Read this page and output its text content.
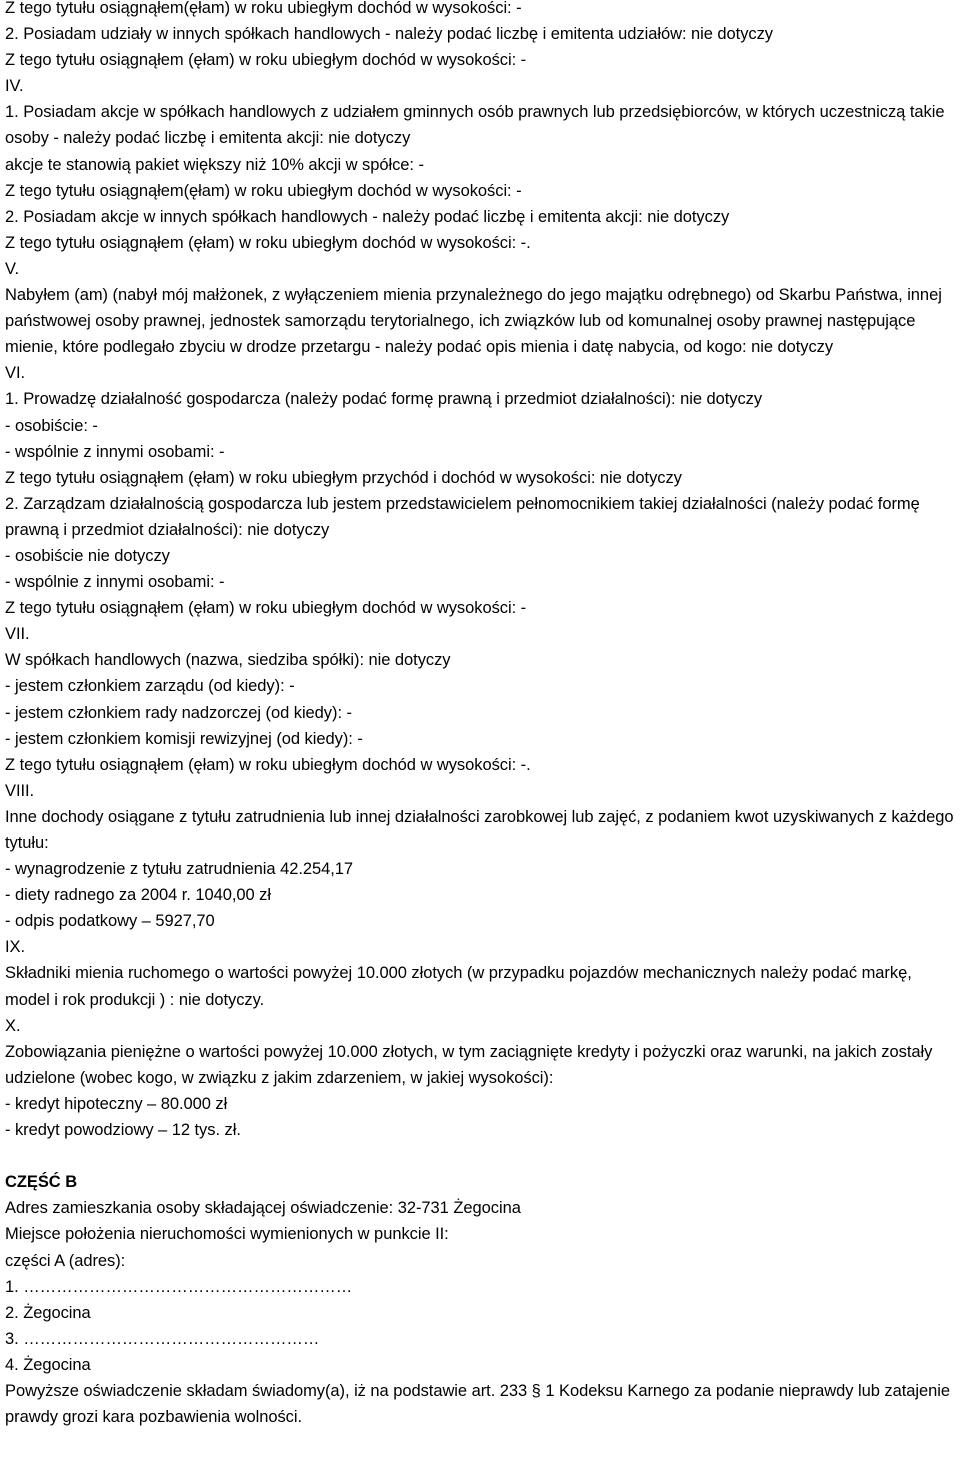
Z tego tytułu osiągnąłem(ęłam) w roku ubiegłym dochód w wysokości: -
2. Posiadam udziały w innych spółkach handlowych - należy podać liczbę i emitenta udziałów: nie dotyczy
Z tego tytułu osiągnąłem (ęłam) w roku ubiegłym dochód w wysokości: -
IV.
1. Posiadam akcje w spółkach handlowych z udziałem gminnych osób prawnych lub przedsiębiorców, w których uczestniczą takie osoby - należy podać liczbę i emitenta akcji: nie dotyczy
akcje te stanowią pakiet większy niż 10% akcji w spółce: -
Z tego tytułu osiągnąłem(ęłam) w roku ubiegłym dochód w wysokości: -
2. Posiadam akcje w innych spółkach handlowych - należy podać liczbę i emitenta akcji: nie dotyczy
Z tego tytułu osiągnąłem (ęłam) w roku ubiegłym dochód w wysokości: -.
V.
Nabyłem (am) (nabył mój małżonek, z wyłączeniem mienia przynależnego do jego majątku odrębnego) od Skarbu Państwa, innej państwowej osoby prawnej, jednostek samorządu terytorialnego, ich związków lub od komunalnej osoby prawnej następujące mienie, które podlegało zbyciu w drodze przetargu - należy podać opis mienia i datę nabycia, od kogo: nie dotyczy
VI.
1. Prowadzę działalność gospodarcza (należy podać formę prawną i przedmiot działalności): nie dotyczy
- osobiście: -
- wspólnie z innymi osobami: -
Z tego tytułu osiągnąłem (ęłam) w roku ubiegłym przychód i dochód w wysokości: nie dotyczy
2. Zarządzam działalnością gospodarcza lub jestem przedstawicielem pełnomocnikiem takiej działalności (należy podać formę prawną i przedmiot działalności): nie dotyczy
- osobiście nie dotyczy
- wspólnie z innymi osobami: -
Z tego tytułu osiągnąłem (ęłam) w roku ubiegłym dochód w wysokości: -
VII.
W spółkach handlowych (nazwa, siedziba spółki): nie dotyczy
- jestem członkiem zarządu (od kiedy): -
- jestem członkiem rady nadzorczej (od kiedy): -
- jestem członkiem komisji rewizyjnej (od kiedy): -
Z tego tytułu osiągnąłem (ęłam) w roku ubiegłym dochód w wysokości: -.
VIII.
Inne dochody osiągane z tytułu zatrudnienia lub innej działalności zarobkowej lub zajęć, z podaniem kwot uzyskiwanych z każdego tytułu:
- wynagrodzenie z tytułu zatrudnienia 42.254,17
- diety radnego za 2004 r. 1040,00 zł
- odpis podatkowy – 5927,70
IX.
Składniki mienia ruchomego o wartości powyżej 10.000 złotych (w przypadku pojazdów mechanicznych należy podać markę, model i rok produkcji ) : nie dotyczy.
X.
Zobowiązania pieniężne o wartości powyżej 10.000 złotych, w tym zaciągnięte kredyty i pożyczki oraz warunki, na jakich zostały udzielone (wobec kogo, w związku z jakim zdarzeniem, w jakiej wysokości):
- kredyt hipoteczny – 80.000 zł
- kredyt powodziowy – 12 tys. zł.
CZĘŚĆ B
Adres zamieszkania osoby składającej oświadczenie: 32-731 Żegocina
Miejsce położenia nieruchomości wymienionych w punkcie II:
części A (adres):
1. ……………………………………………………
2. Żegocina
3. ………………………………………………
4. Żegocina
Powyższe oświadczenie składam świadomy(a), iż na podstawie art. 233 § 1 Kodeksu Karnego za podanie nieprawdy lub zatajenie prawdy grozi kara pozbawienia wolności.
